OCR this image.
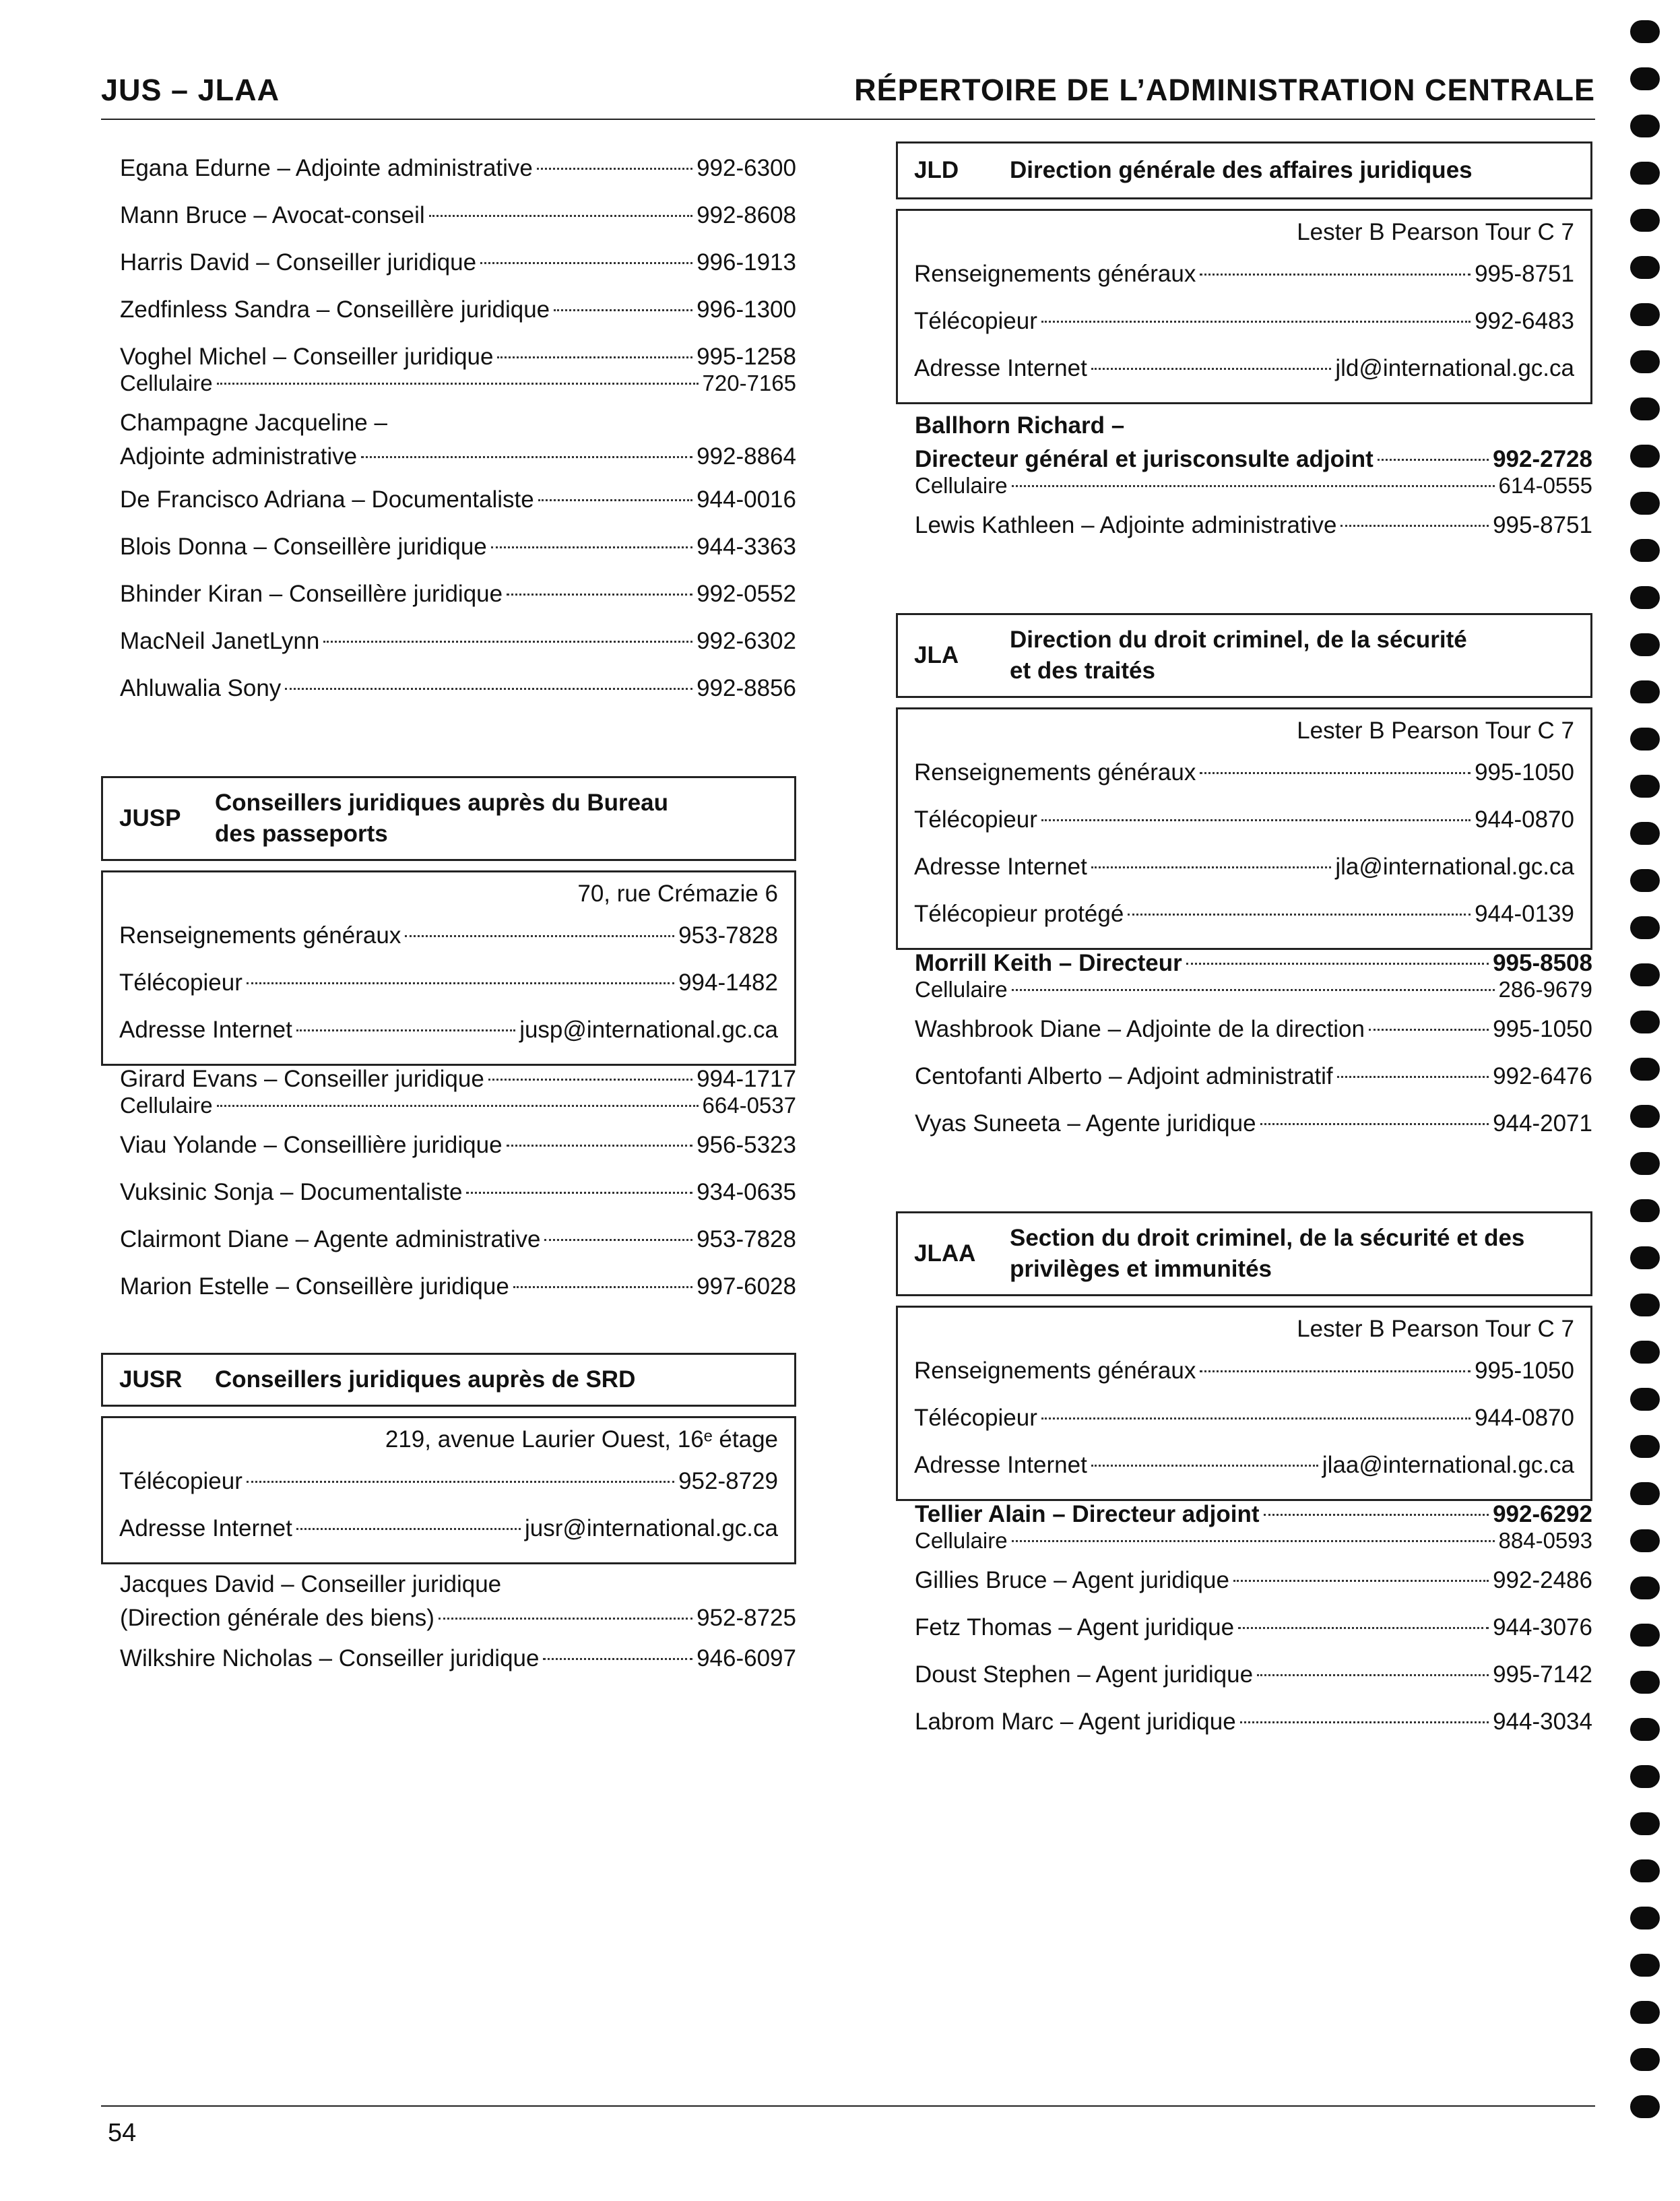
JUS – JLAA	RÉPERTOIRE DE L’ADMINISTRATION CENTRALE
Egana Edurne – Adjointe administrative	992-6300
Mann Bruce – Avocat-conseil	992-8608
Harris David – Conseiller juridique	996-1913
Zedfinless Sandra – Conseillère juridique	996-1300
Voghel Michel – Conseiller juridique	995-1258
Cellulaire	720-7165
Champagne Jacqueline –
Adjointe administrative	992-8864
De Francisco Adriana – Documentaliste	944-0016
Blois Donna – Conseillère juridique	944-3363
Bhinder Kiran – Conseillère juridique	992-0552
MacNeil JanetLynn	992-6302
Ahluwalia Sony	992-8856
JUSP
Conseillers juridiques auprès du Bureau
des passeports
70, rue Crémazie 6
Renseignements généraux	953-7828
Télécopieur	994-1482
Adresse Internet	jusp@international.gc.ca
Girard Evans – Conseiller juridique	994-1717
Cellulaire	664-0537
Viau Yolande – Conseillière juridique	956-5323
Vuksinic Sonja – Documentaliste	934-0635
Clairmont Diane – Agente administrative	953-7828
Marion Estelle – Conseillère juridique	997-6028
JUSR	Conseillers juridiques auprès de SRD
219, avenue Laurier Ouest, 16ᵉ étage
Télécopieur	952-8729
Adresse Internet	jusr@international.gc.ca
Jacques David – Conseiller juridique
(Direction générale des biens)	952-8725
Wilkshire Nicholas – Conseiller juridique	946-6097
JLD	Direction générale des affaires juridiques
Lester B Pearson Tour C 7
Renseignements généraux	995-8751
Télécopieur	992-6483
Adresse Internet	jld@international.gc.ca
Ballhorn Richard –
Directeur général et jurisconsulte adjoint	992-2728
Cellulaire	614-0555
Lewis Kathleen – Adjointe administrative	995-8751
JLA
Direction du droit criminel, de la sécurité
et des traités
Lester B Pearson Tour C 7
Renseignements généraux	995-1050
Télécopieur	944-0870
Adresse Internet	jla@international.gc.ca
Télécopieur protégé	944-0139
Morrill Keith – Directeur	995-8508
Cellulaire	286-9679
Washbrook Diane – Adjointe de la direction	995-1050
Centofanti Alberto – Adjoint administratif	992-6476
Vyas Suneeta – Agente juridique	944-2071
JLAA
Section du droit criminel, de la sécurité et des
privilèges et immunités
Lester B Pearson Tour C 7
Renseignements généraux	995-1050
Télécopieur	944-0870
Adresse Internet	jlaa@international.gc.ca
Tellier Alain – Directeur adjoint	992-6292
Cellulaire	884-0593
Gillies Bruce – Agent juridique	992-2486
Fetz Thomas – Agent juridique	944-3076
Doust Stephen – Agent juridique	995-7142
Labrom Marc – Agent juridique	944-3034
54
